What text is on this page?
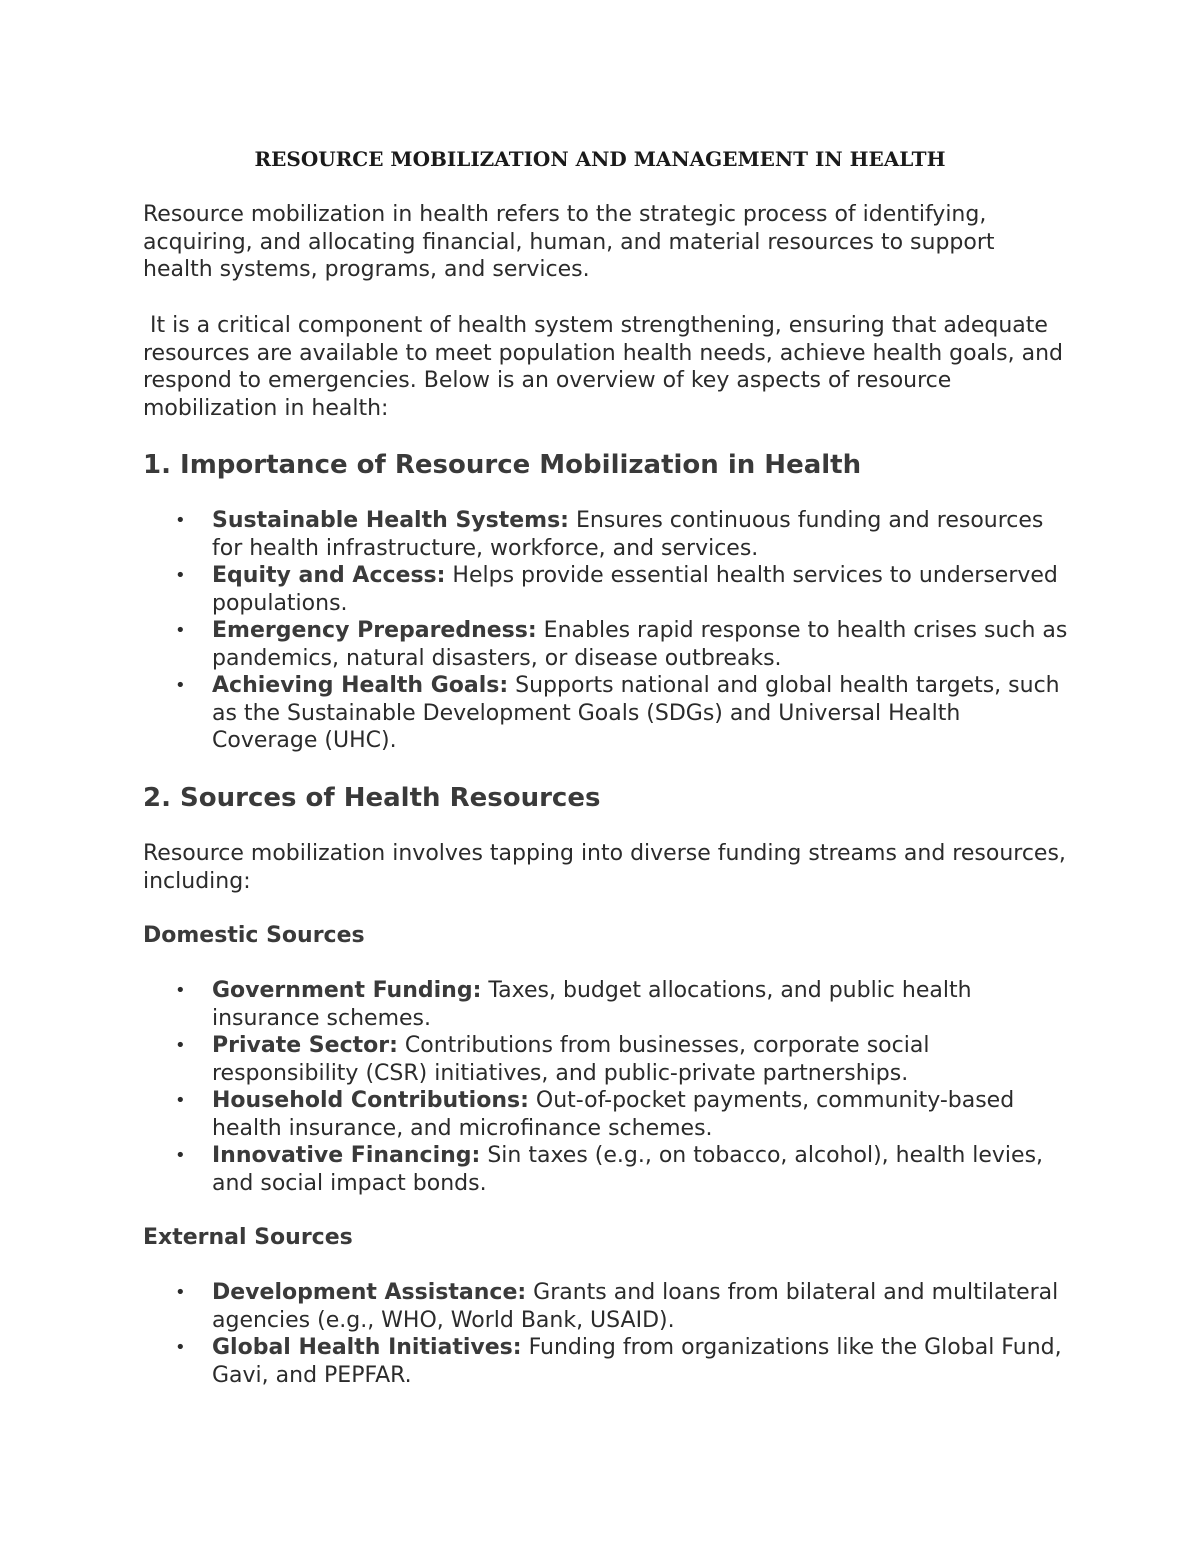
RESOURCE MOBILIZATION AND MANAGEMENT IN HEALTH

Resource mobilization in health refers to the strategic process of identifying, acquiring, and allocating financial, human, and material resources to support health systems, programs, and services.

It is a critical component of health system strengthening, ensuring that adequate resources are available to meet population health needs, achieve health goals, and respond to emergencies. Below is an overview of key aspects of resource mobilization in health:

1. Importance of Resource Mobilization in Health
• Sustainable Health Systems: Ensures continuous funding and resources for health infrastructure, workforce, and services.
• Equity and Access: Helps provide essential health services to underserved populations.
• Emergency Preparedness: Enables rapid response to health crises such as pandemics, natural disasters, or disease outbreaks.
• Achieving Health Goals: Supports national and global health targets, such as the Sustainable Development Goals (SDGs) and Universal Health Coverage (UHC).
2. Sources of Health Resources

Resource mobilization involves tapping into diverse funding streams and resources, including:

Domestic Sources
• Government Funding: Taxes, budget allocations, and public health insurance schemes.
• Private Sector: Contributions from businesses, corporate social responsibility (CSR) initiatives, and public-private partnerships.
• Household Contributions: Out-of-pocket payments, community-based health insurance, and microfinance schemes.
• Innovative Financing: Sin taxes (e.g., on tobacco, alcohol), health levies, and social impact bonds.
External Sources
• Development Assistance: Grants and loans from bilateral and multilateral agencies (e.g., WHO, World Bank, USAID).
• Global Health Initiatives: Funding from organizations like the Global Fund, Gavi, and PEPFAR.
